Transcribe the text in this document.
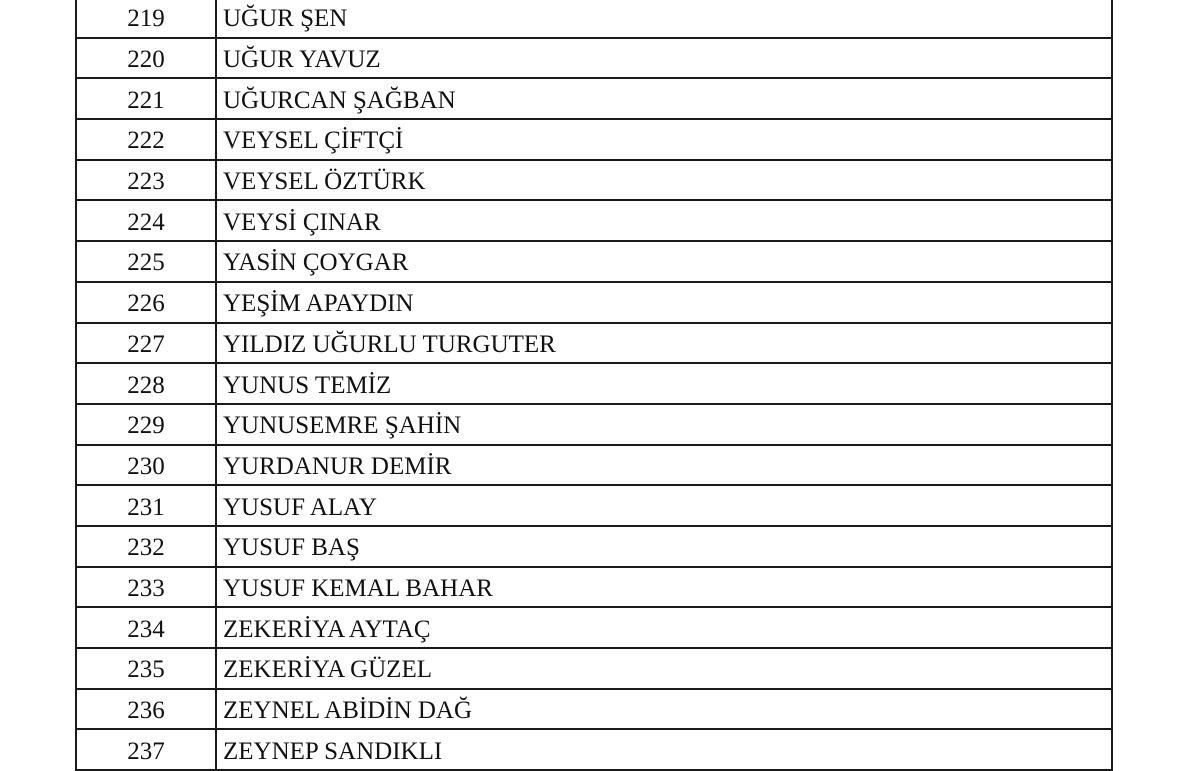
219	UĞUR ŞEN
220	UĞUR YAVUZ
221	UĞURCAN ŞAĞBAN
222	VEYSEL ÇİFTÇİ
223	VEYSEL ÖZTÜRK
224	VEYSİ ÇINAR
225	YASİN ÇOYGAR
226	YEŞİM APAYDIN
227	YILDIZ UĞURLU TURGUTER
228	YUNUS TEMİZ
229	YUNUSEMRE ŞAHİN
230	YURDANUR DEMİR
231	YUSUF ALAY
232	YUSUF BAŞ
233	YUSUF KEMAL BAHAR
234	ZEKERİYA AYTAÇ
235	ZEKERİYA GÜZEL
236	ZEYNEL ABİDİN DAĞ
237	ZEYNEP SANDIKLI
